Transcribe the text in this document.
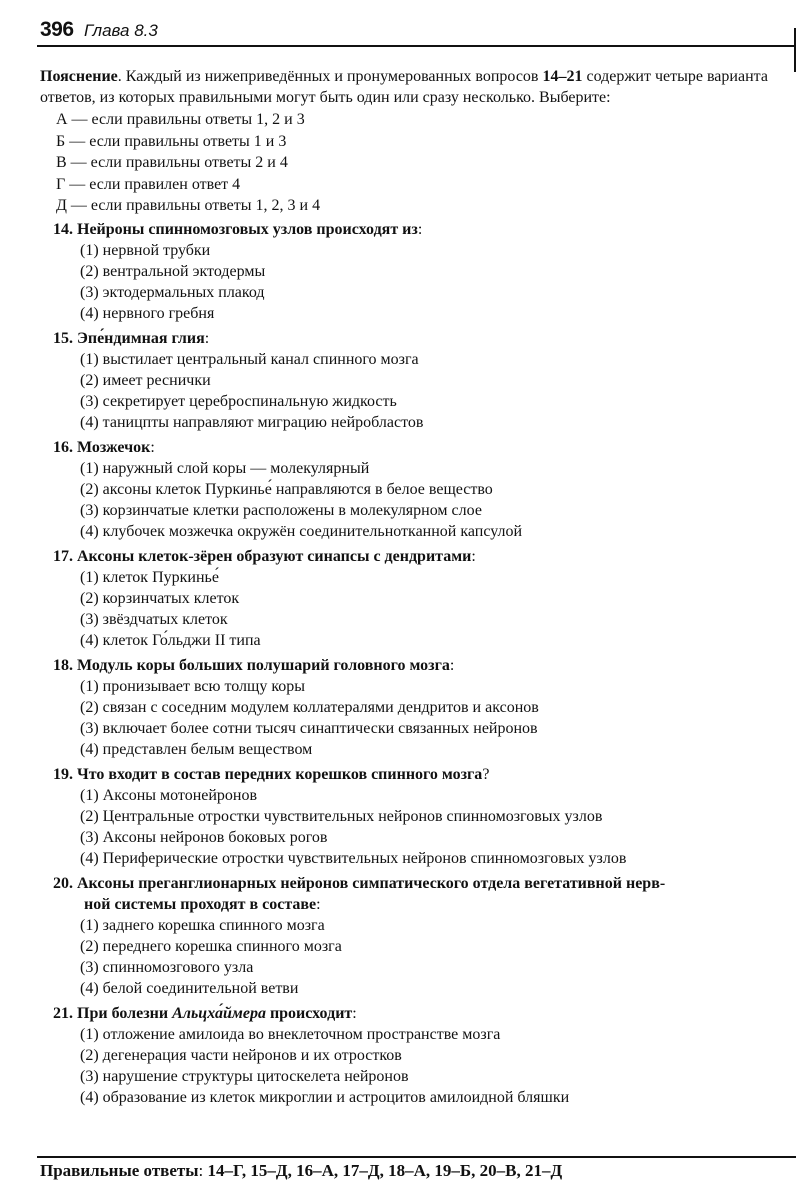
396 Глава 8.3

Пояснение. Каждый из нижеприведённых и пронумерованных вопросов 14–21 содержит четыре варианта ответов, из которых правильными могут быть один или сразу несколько. Выберите:

А — если правильны ответы 1, 2 и 3
Б — если правильны ответы 1 и 3
В — если правильны ответы 2 и 4
Г — если правилен ответ 4
Д — если правильны ответы 1, 2, 3 и 4
14. Нейроны спинномозговых узлов происходят из:
(1) нервной трубки
(2) вентральной эктодермы
(3) эктодермальных плакод
(4) нервного гребня
15. Эпе́ндимная глия:
(1) выстилает центральный канал спинного мозга
(2) имеет реснички
(3) секретирует цереброспинальную жидкость
(4) таницпты направляют миграцию нейробластов
16. Мозжечок:
(1) наружный слой коры — молекулярный
(2) аксоны клеток Пуркинье́ направляются в белое вещество
(3) корзинчатые клетки расположены в молекулярном слое
(4) клубочек мозжечка окружён соединительнотканной капсулой
17. Аксоны клеток-зёрен образуют синапсы с дендритами:
(1) клеток Пуркинье́
(2) корзинчатых клеток
(3) звёздчатых клеток
(4) клеток Го́льджи II типа
18. Модуль коры больших полушарий головного мозга:
(1) пронизывает всю толщу коры
(2) связан с соседним модулем коллатералями дендритов и аксонов
(3) включает более сотни тысяч синаптически связанных нейронов
(4) представлен белым веществом
19. Что входит в состав передних корешков спинного мозга?
(1) Аксоны мотонейронов
(2) Центральные отростки чувствительных нейронов спинномозговых узлов
(3) Аксоны нейронов боковых рогов
(4) Периферические отростки чувствительных нейронов спинномозговых узлов
20. Аксоны преганглионарных нейронов симпатического отдела вегетативной нерв-
ной системы проходят в составе:
(1) заднего корешка спинного мозга
(2) переднего корешка спинного мозга
(3) спинномозгового узла
(4) белой соединительной ветви
21. При болезни Альцха́ймера происходит:
(1) отложение амилоида во внеклеточном пространстве мозга
(2) дегенерация части нейронов и их отростков
(3) нарушение структуры цитоскелета нейронов
(4) образование из клеток микроглии и астроцитов амилоидной бляшки
Правильные ответы: 14–Г, 15–Д, 16–А, 17–Д, 18–А, 19–Б, 20–В, 21–Д
